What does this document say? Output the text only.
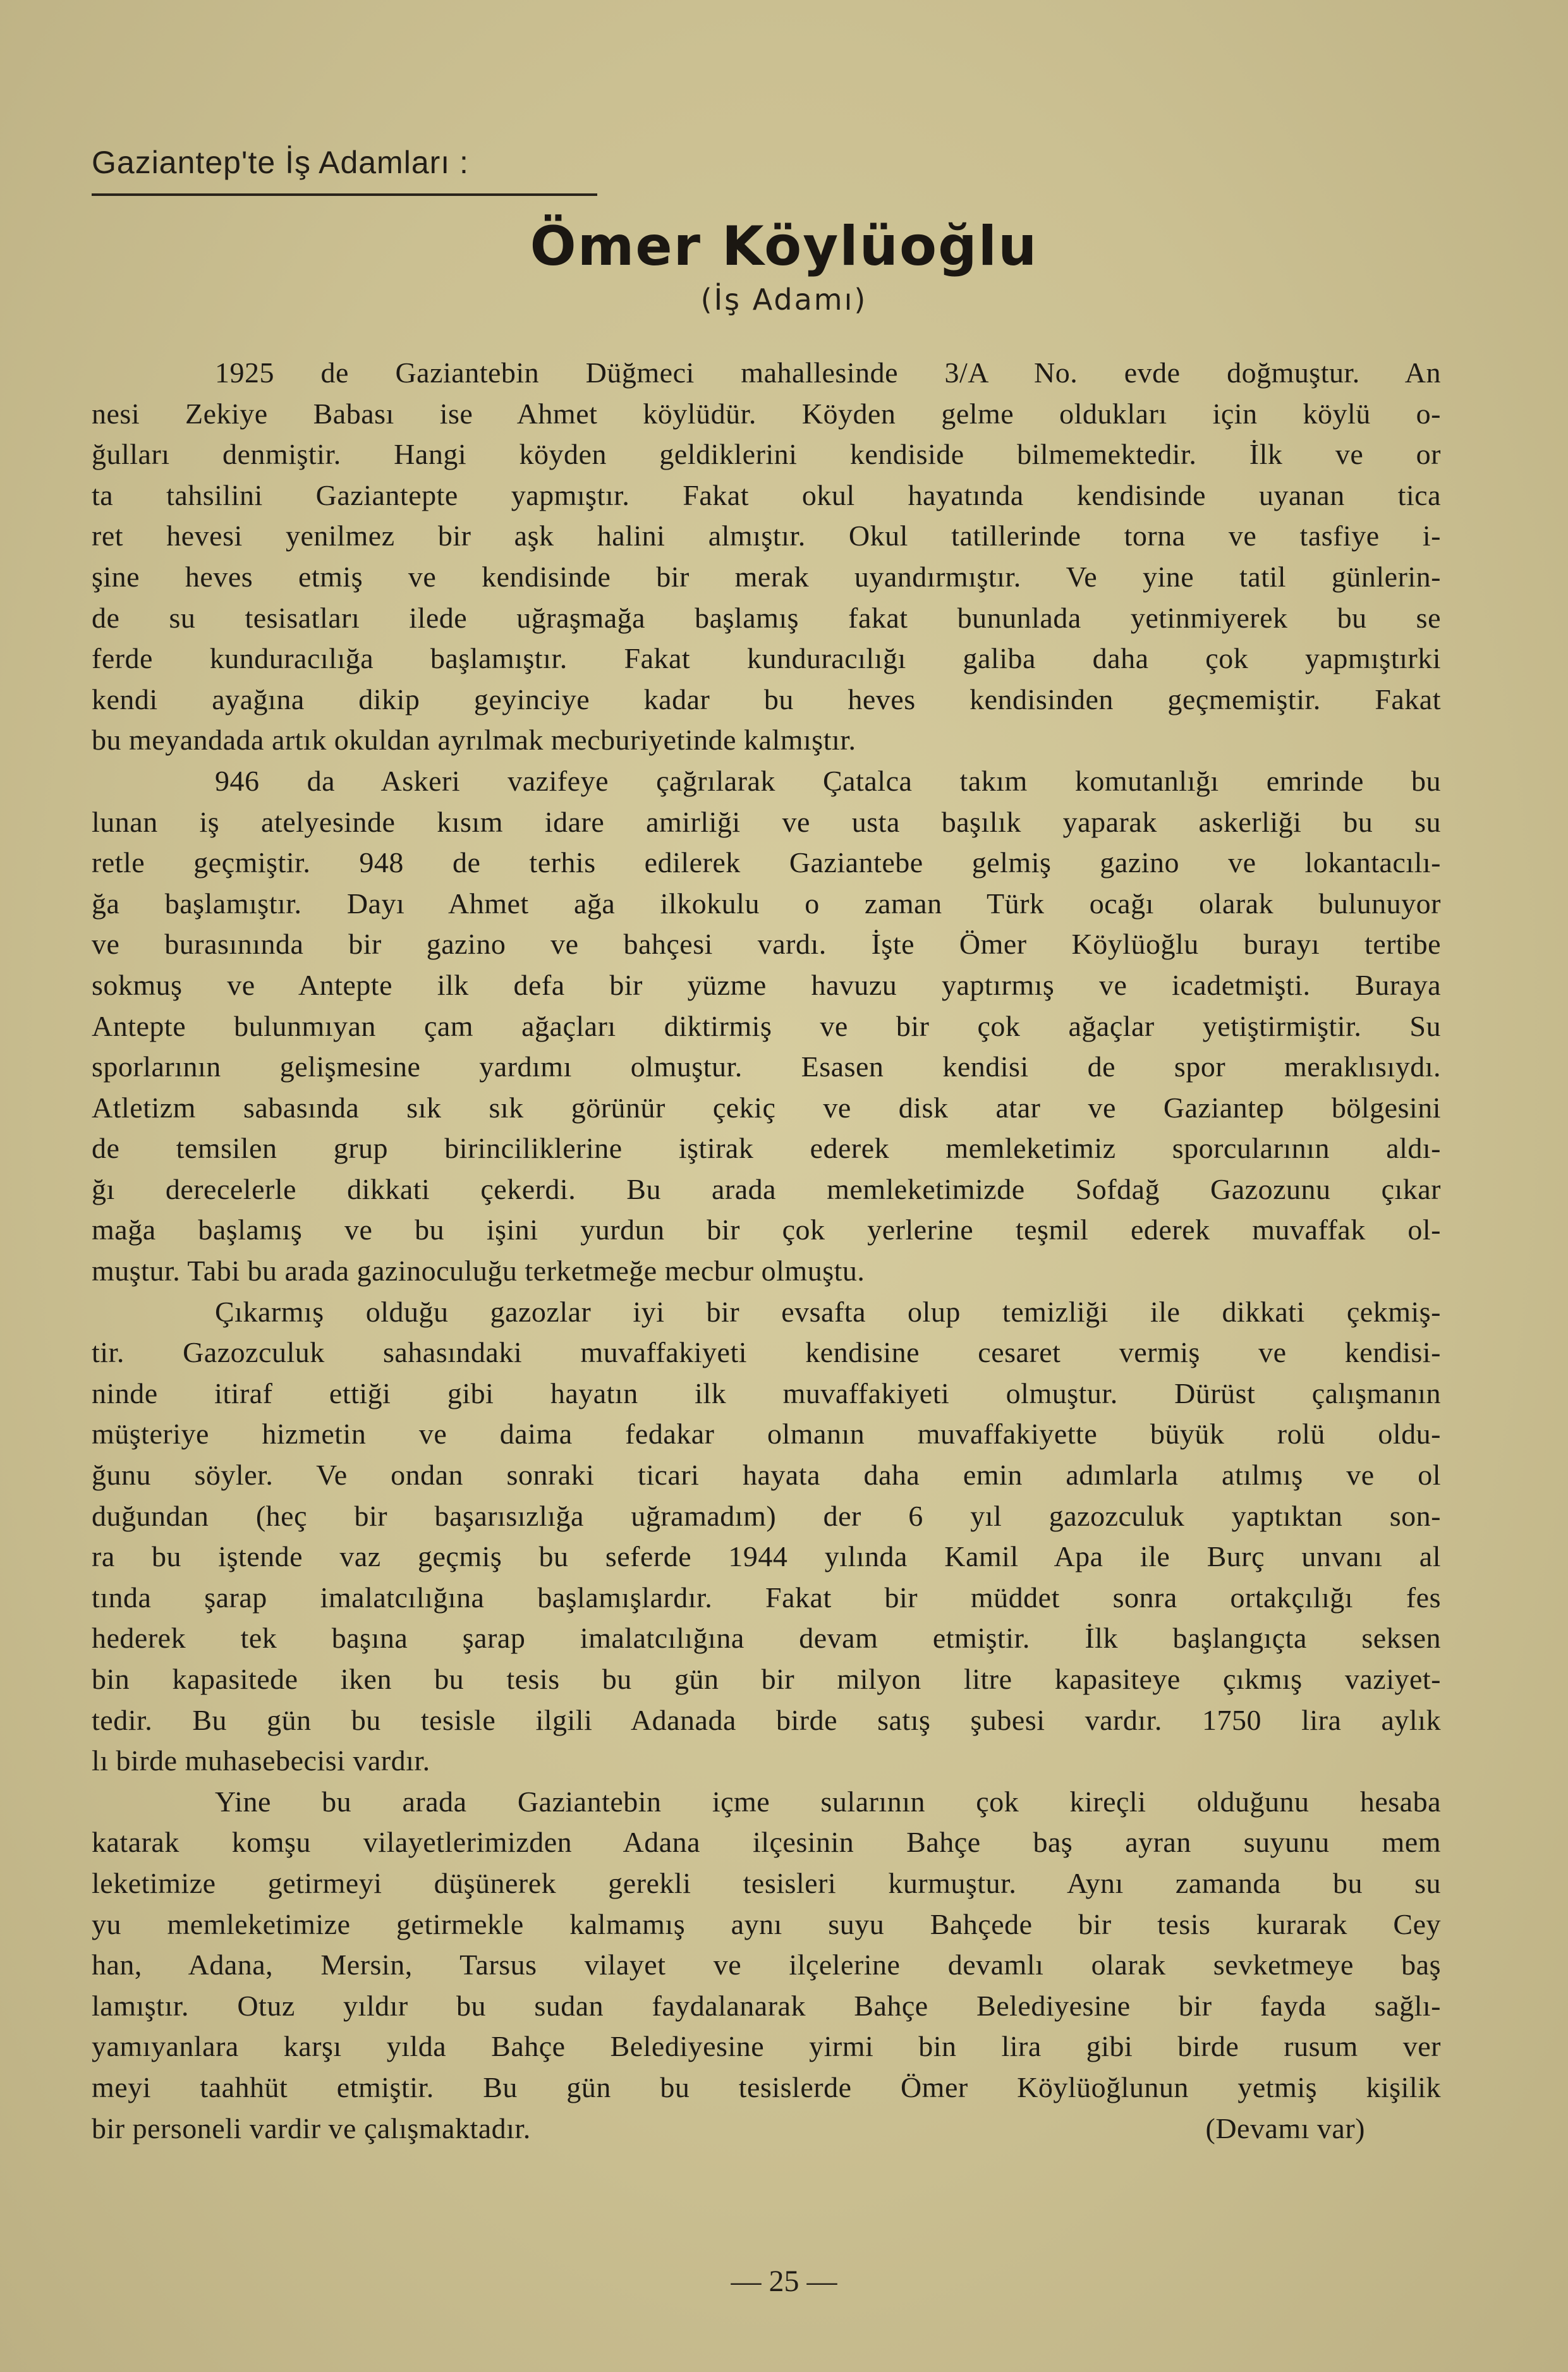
Gaziantep'te İş Adamları :
Ömer Köylüoğlu
(İş Adamı)
1925 de Gaziantebin Düğmeci mahallesinde 3/A No. evde doğmuştur. An
nesi Zekiye Babası ise Ahmet köylüdür. Köyden gelme oldukları için köylü o-
ğulları denmiştir. Hangi köyden geldiklerini kendiside bilmemektedir. İlk ve or
ta tahsilini Gaziantepte yapmıştır. Fakat okul hayatında kendisinde uyanan tica
ret hevesi yenilmez bir aşk halini almıştır. Okul tatillerinde torna ve tasfiye i-
şine heves etmiş ve kendisinde bir merak uyandırmıştır. Ve yine tatil günlerin-
de su tesisatları ilede uğraşmağa başlamış fakat bununlada yetinmiyerek bu se
ferde kunduracılığa başlamıştır. Fakat kunduracılığı galiba daha çok yapmıştırki
kendi ayağına dikip geyinciye kadar bu heves kendisinden geçmemiştir. Fakat
bu meyandada artık okuldan ayrılmak mecburiyetinde kalmıştır.
946 da Askeri vazifeye çağrılarak Çatalca takım komutanlığı emrinde bu
lunan iş atelyesinde kısım idare amirliği ve usta başılık yaparak askerliği bu su
retle geçmiştir. 948 de terhis edilerek Gaziantebe gelmiş gazino ve lokantacılı-
ğa başlamıştır. Dayı Ahmet ağa ilkokulu o zaman Türk ocağı olarak bulunuyor
ve burasınında bir gazino ve bahçesi vardı. İşte Ömer Köylüoğlu burayı tertibe
sokmuş ve Antepte ilk defa bir yüzme havuzu yaptırmış ve icadetmişti. Buraya
Antepte bulunmıyan çam ağaçları diktirmiş ve bir çok ağaçlar yetiştirmiştir. Su
sporlarının gelişmesine yardımı olmuştur. Esasen kendisi de spor meraklısıydı.
Atletizm sabasında sık sık görünür çekiç ve disk atar ve Gaziantep bölgesini
de temsilen grup birinciliklerine iştirak ederek memleketimiz sporcularının aldı-
ğı derecelerle dikkati çekerdi. Bu arada memleketimizde Sofdağ Gazozunu çıkar
mağa başlamış ve bu işini yurdun bir çok yerlerine teşmil ederek muvaffak ol-
muştur. Tabi bu arada gazinoculuğu terketmeğe mecbur olmuştu.
Çıkarmış olduğu gazozlar iyi bir evsafta olup temizliği ile dikkati çekmiş-
tir. Gazozculuk sahasındaki muvaffakiyeti kendisine cesaret vermiş ve kendisi-
ninde itiraf ettiği gibi hayatın ilk muvaffakiyeti olmuştur. Dürüst çalışmanın
müşteriye hizmetin ve daima fedakar olmanın muvaffakiyette büyük rolü oldu-
ğunu söyler. Ve ondan sonraki ticari hayata daha emin adımlarla atılmış ve ol
duğundan (heç bir başarısızlığa uğramadım) der 6 yıl gazozculuk yaptıktan son-
ra bu iştende vaz geçmiş bu seferde 1944 yılında Kamil Apa ile Burç unvanı al
tında şarap imalatcılığına başlamışlardır. Fakat bir müddet sonra ortakçılığı fes
hederek tek başına şarap imalatcılığına devam etmiştir. İlk başlangıçta seksen
bin kapasitede iken bu tesis bu gün bir milyon litre kapasiteye çıkmış vaziyet-
tedir. Bu gün bu tesisle ilgili Adanada birde satış şubesi vardır. 1750 lira aylık
lı birde muhasebecisi vardır.
Yine bu arada Gaziantebin içme sularının çok kireçli olduğunu hesaba
katarak komşu vilayetlerimizden Adana ilçesinin Bahçe baş ayran suyunu mem
leketimize getirmeyi düşünerek gerekli tesisleri kurmuştur. Aynı zamanda bu su
yu memleketimize getirmekle kalmamış aynı suyu Bahçede bir tesis kurarak Cey
han, Adana, Mersin, Tarsus vilayet ve ilçelerine devamlı olarak sevketmeye baş
lamıştır. Otuz yıldır bu sudan faydalanarak Bahçe Belediyesine bir fayda sağlı-
yamıyanlara karşı yılda Bahçe Belediyesine yirmi bin lira gibi birde rusum ver
meyi taahhüt etmiştir. Bu gün bu tesislerde Ömer Köylüoğlunun yetmiş kişilik
bir personeli vardir ve çalışmaktadır.	(Devamı var)
— 25 —
